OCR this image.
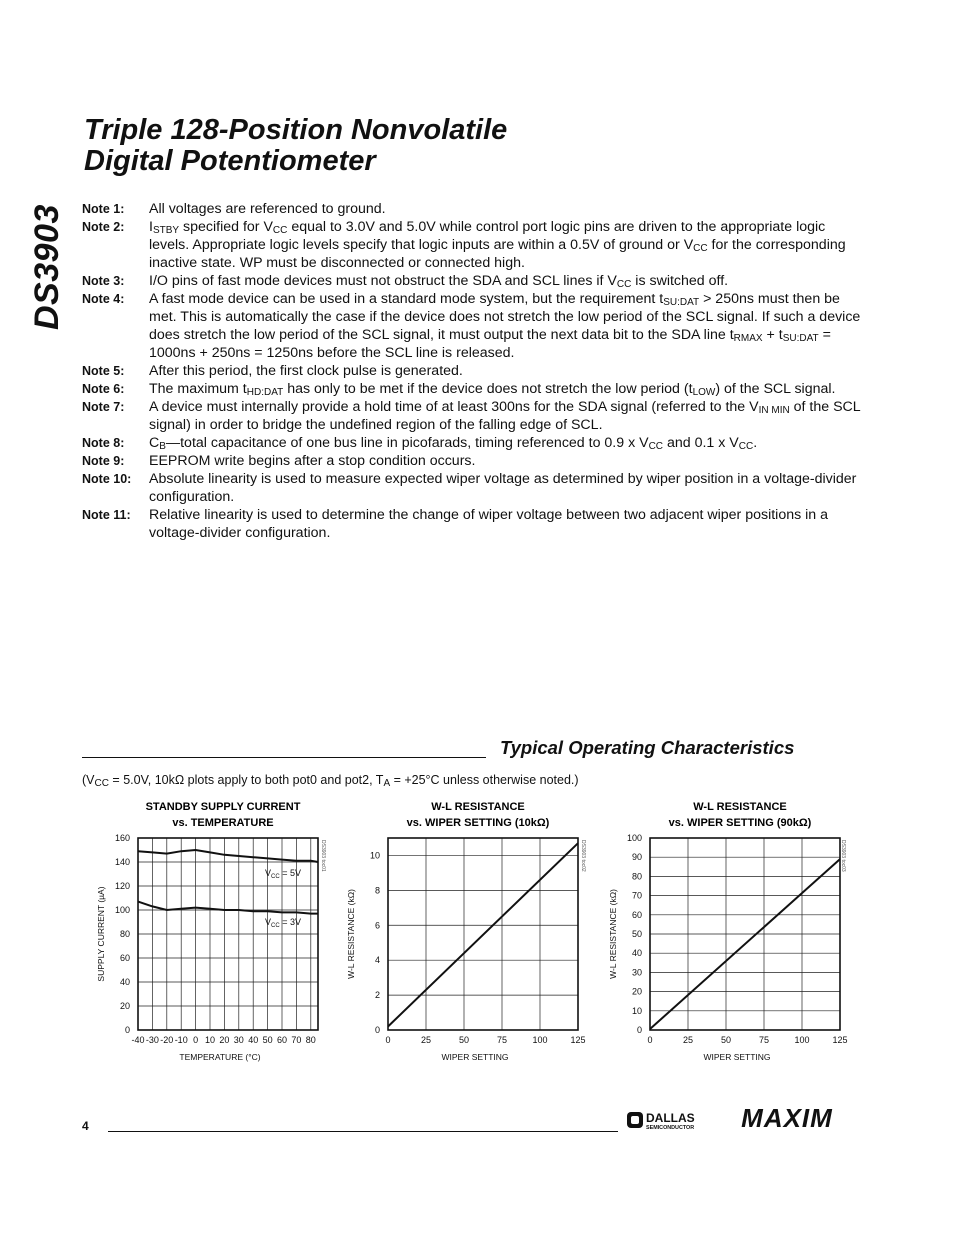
DS3903
Triple 128-Position Nonvolatile
Digital Potentiometer
Note 1:	All voltages are referenced to ground.
Note 2:	$I_{STBY}$ specified for $V_{CC}$ equal to 3.0V and 5.0V while control port logic pins are driven to the appropriate logic levels. Appropriate logic levels specify that logic inputs are within a 0.5V of ground or $V_{CC}$ for the corresponding inactive state. WP must be disconnected or connected high.
Note 3:	I/O pins of fast mode devices must not obstruct the SDA and SCL lines if $V_{CC}$ is switched off.
Note 4:	A fast mode device can be used in a standard mode system, but the requirement $t_{SU:DAT} > 250ns$ must then be met. This is automatically the case if the device does not stretch the low period of the SCL signal. If such a device does stretch the low period of the SCL signal, it must output the next data bit to the SDA line $t_{RMAX} + t_{SU:DAT} = 1000ns + 250ns = 1250ns$ before the SCL line is released.
Note 5:	After this period, the first clock pulse is generated.
Note 6:	The maximum $t_{HD:DAT}$ has only to be met if the device does not stretch the low period $(t_{LOW})$ of the SCL signal.
Note 7:	A device must internally provide a hold time of at least 300ns for the SDA signal (referred to the $V_{IN MIN}$ of the SCL signal) in order to bridge the undefined region of the falling edge of SCL.
Note 8:	$C_B—total$ capacitance of one bus line in picofarads, timing referenced to 0.9 x $V_{CC}$ and 0.1 x $V_{CC}$.
Note 9:	EEPROM write begins after a stop condition occurs.
Note 10:	Absolute linearity is used to measure expected wiper voltage as determined by wiper position in a voltage-divider configuration.
Note 11:	Relative linearity is used to determine the change of wiper voltage between two adjacent wiper positions in a voltage-divider configuration.
Typical Operating Characteristics
($V_{CC} = 5.0V$, 10kΩ plots apply to both pot0 and pot2, $T_A = +25^\circ C$ unless otherwise noted.)
STANDBY SUPPLY CURRENT
vs. TEMPERATURE
-40 -30 -20 -10 0 10 20 30 40 50 60 70 80
0
20
40
60
80
100
120
140
160
TEMPERATURE (°C)
SUPPLY CURRENT (µA)
DS3903 toc01
$V_{CC} = 5V$
$V_{CC} = 3V$
W-L RESISTANCE
vs. WIPER SETTING (10kΩ)
0	25	50	75	100	125
0
2
4
6
8
10
WIPER SETTING
W-L RESISTANCE (kΩ)
DS3903 toc02
W-L RESISTANCE
vs. WIPER SETTING (90kΩ)
0	25	50	75	100	125
0
10
20
30
40
50
60
70
80
90
100
WIPER SETTING
W-L RESISTANCE (kΩ)
DS3903 toc03
4
DALLAS
SEMICONDUCTOR MAXIM
